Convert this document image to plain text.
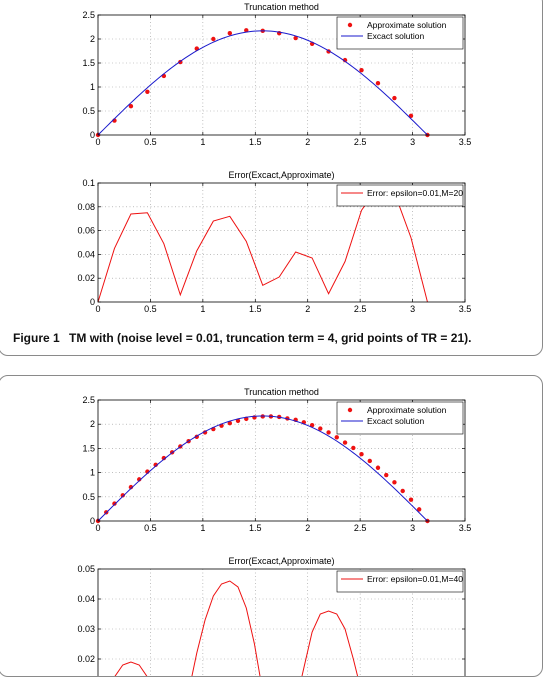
0	0.5	1	1.5	2	2.5	3	3.5
0
0.5
1
1.5
2
2.5
Truncation method
Approximate solution
Excact solution
0	0.5	1	1.5	2	2.5	3	3.5
0
0.02
0.04
0.06
0.08
0.1
Error(Excact,Approximate)
Error: epsilon=0.01,M=20
Figure 1 TM with (noise level = 0.01, truncation term = 4, grid points of TR = 21).
0	0.5	1	1.5	2	2.5	3	3.5
0
0.5
1
1.5
2
2.5
Truncation method
Approximate solution
Excact solution
0.02
0.03
0.04
0.05
Error(Excact,Approximate)
Error: epsilon=0.01,M=40
